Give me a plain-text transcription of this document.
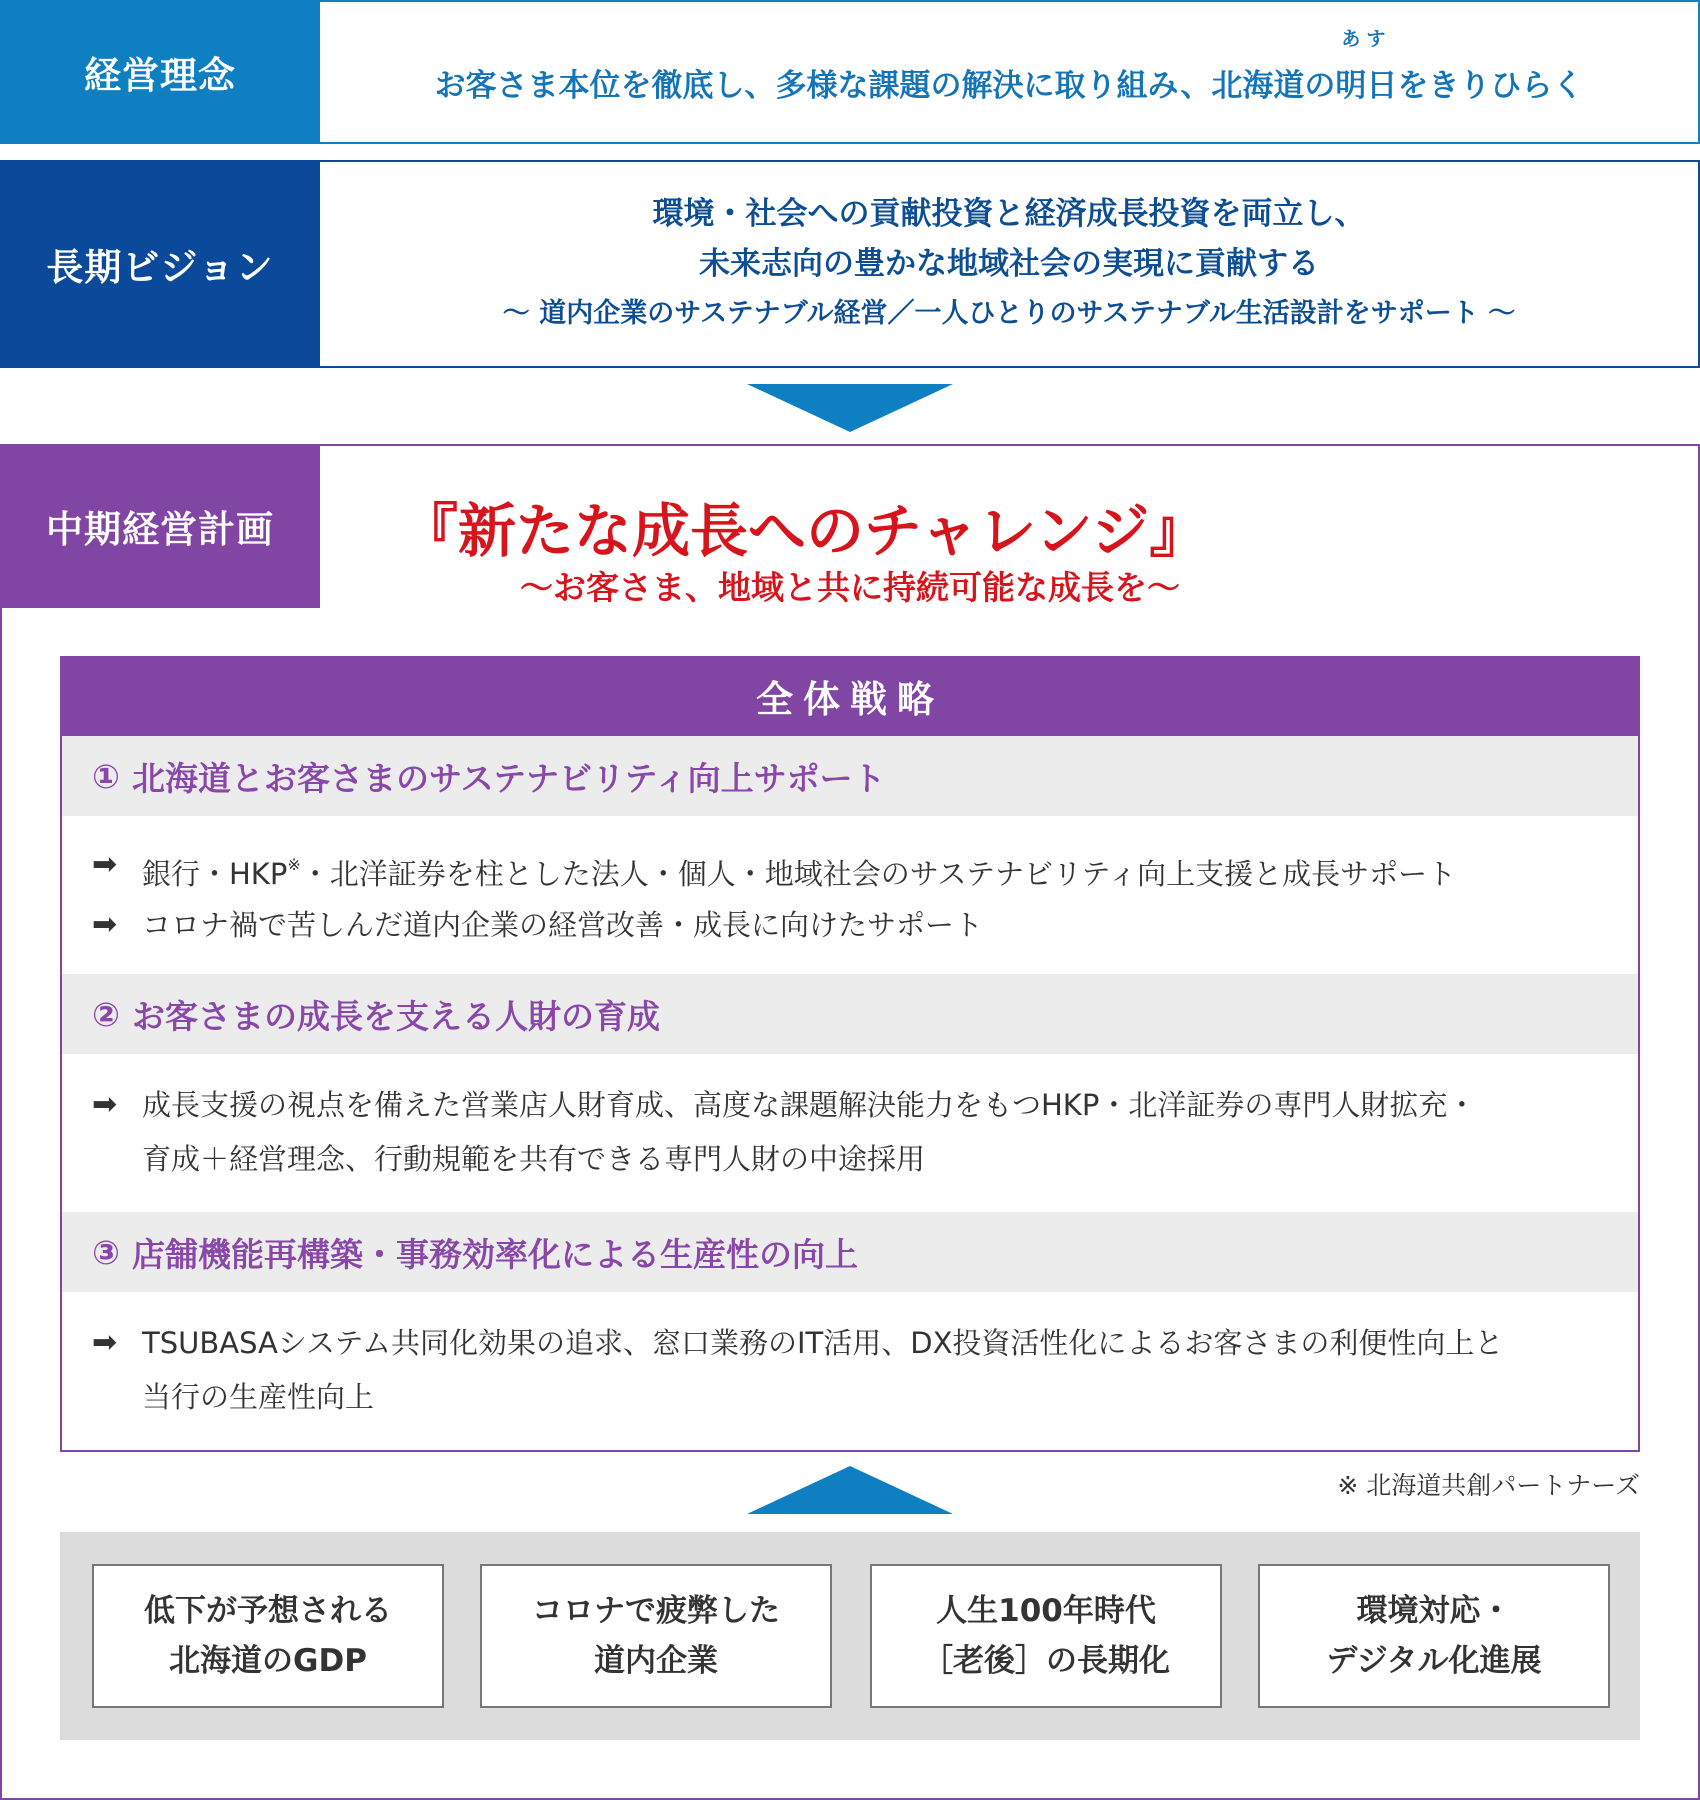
経営理念	お客さま本位を徹底し、多様な課題の解決に取り組み、北海道の
あす
明日をきりひらく
長期ビジョン
環境・社会への貢献投資と経済成長投資を両立し、
未来志向の豊かな地域社会の実現に貢献する
～ 道内企業のサステナブル経営／一人ひとりのサステナブル生活設計をサポート ～
中期経営計画	『新たな成長へのチャレンジ』
～お客さま、地域と共に持続可能な成長を～
全体戦略
① 北海道とお客さまのサステナビリティ向上サポート
➡ 銀行・HKP※・北洋証券を柱とした法人・個人・地域社会のサステナビリティ向上支援と成長サポート
➡ コロナ禍で苦しんだ道内企業の経営改善・成長に向けたサポート
② お客さまの成長を支える人財の育成
➡ 成長支援の視点を備えた営業店人財育成、高度な課題解決能力をもつHKP・北洋証券の専門人財拡充・
育成＋経営理念、行動規範を共有できる専門人財の中途採用
③ 店舗機能再構築・事務効率化による生産性の向上
➡ TSUBASAシステム共同化効果の追求、窓口業務のIT活用、DX投資活性化によるお客さまの利便性向上と
当行の生産性向上
※ 北海道共創パートナーズ
低下が予想される
北海道のGDP
コロナで疲弊した
道内企業
人生100年時代
［老後］の長期化
環境対応・
デジタル化進展
